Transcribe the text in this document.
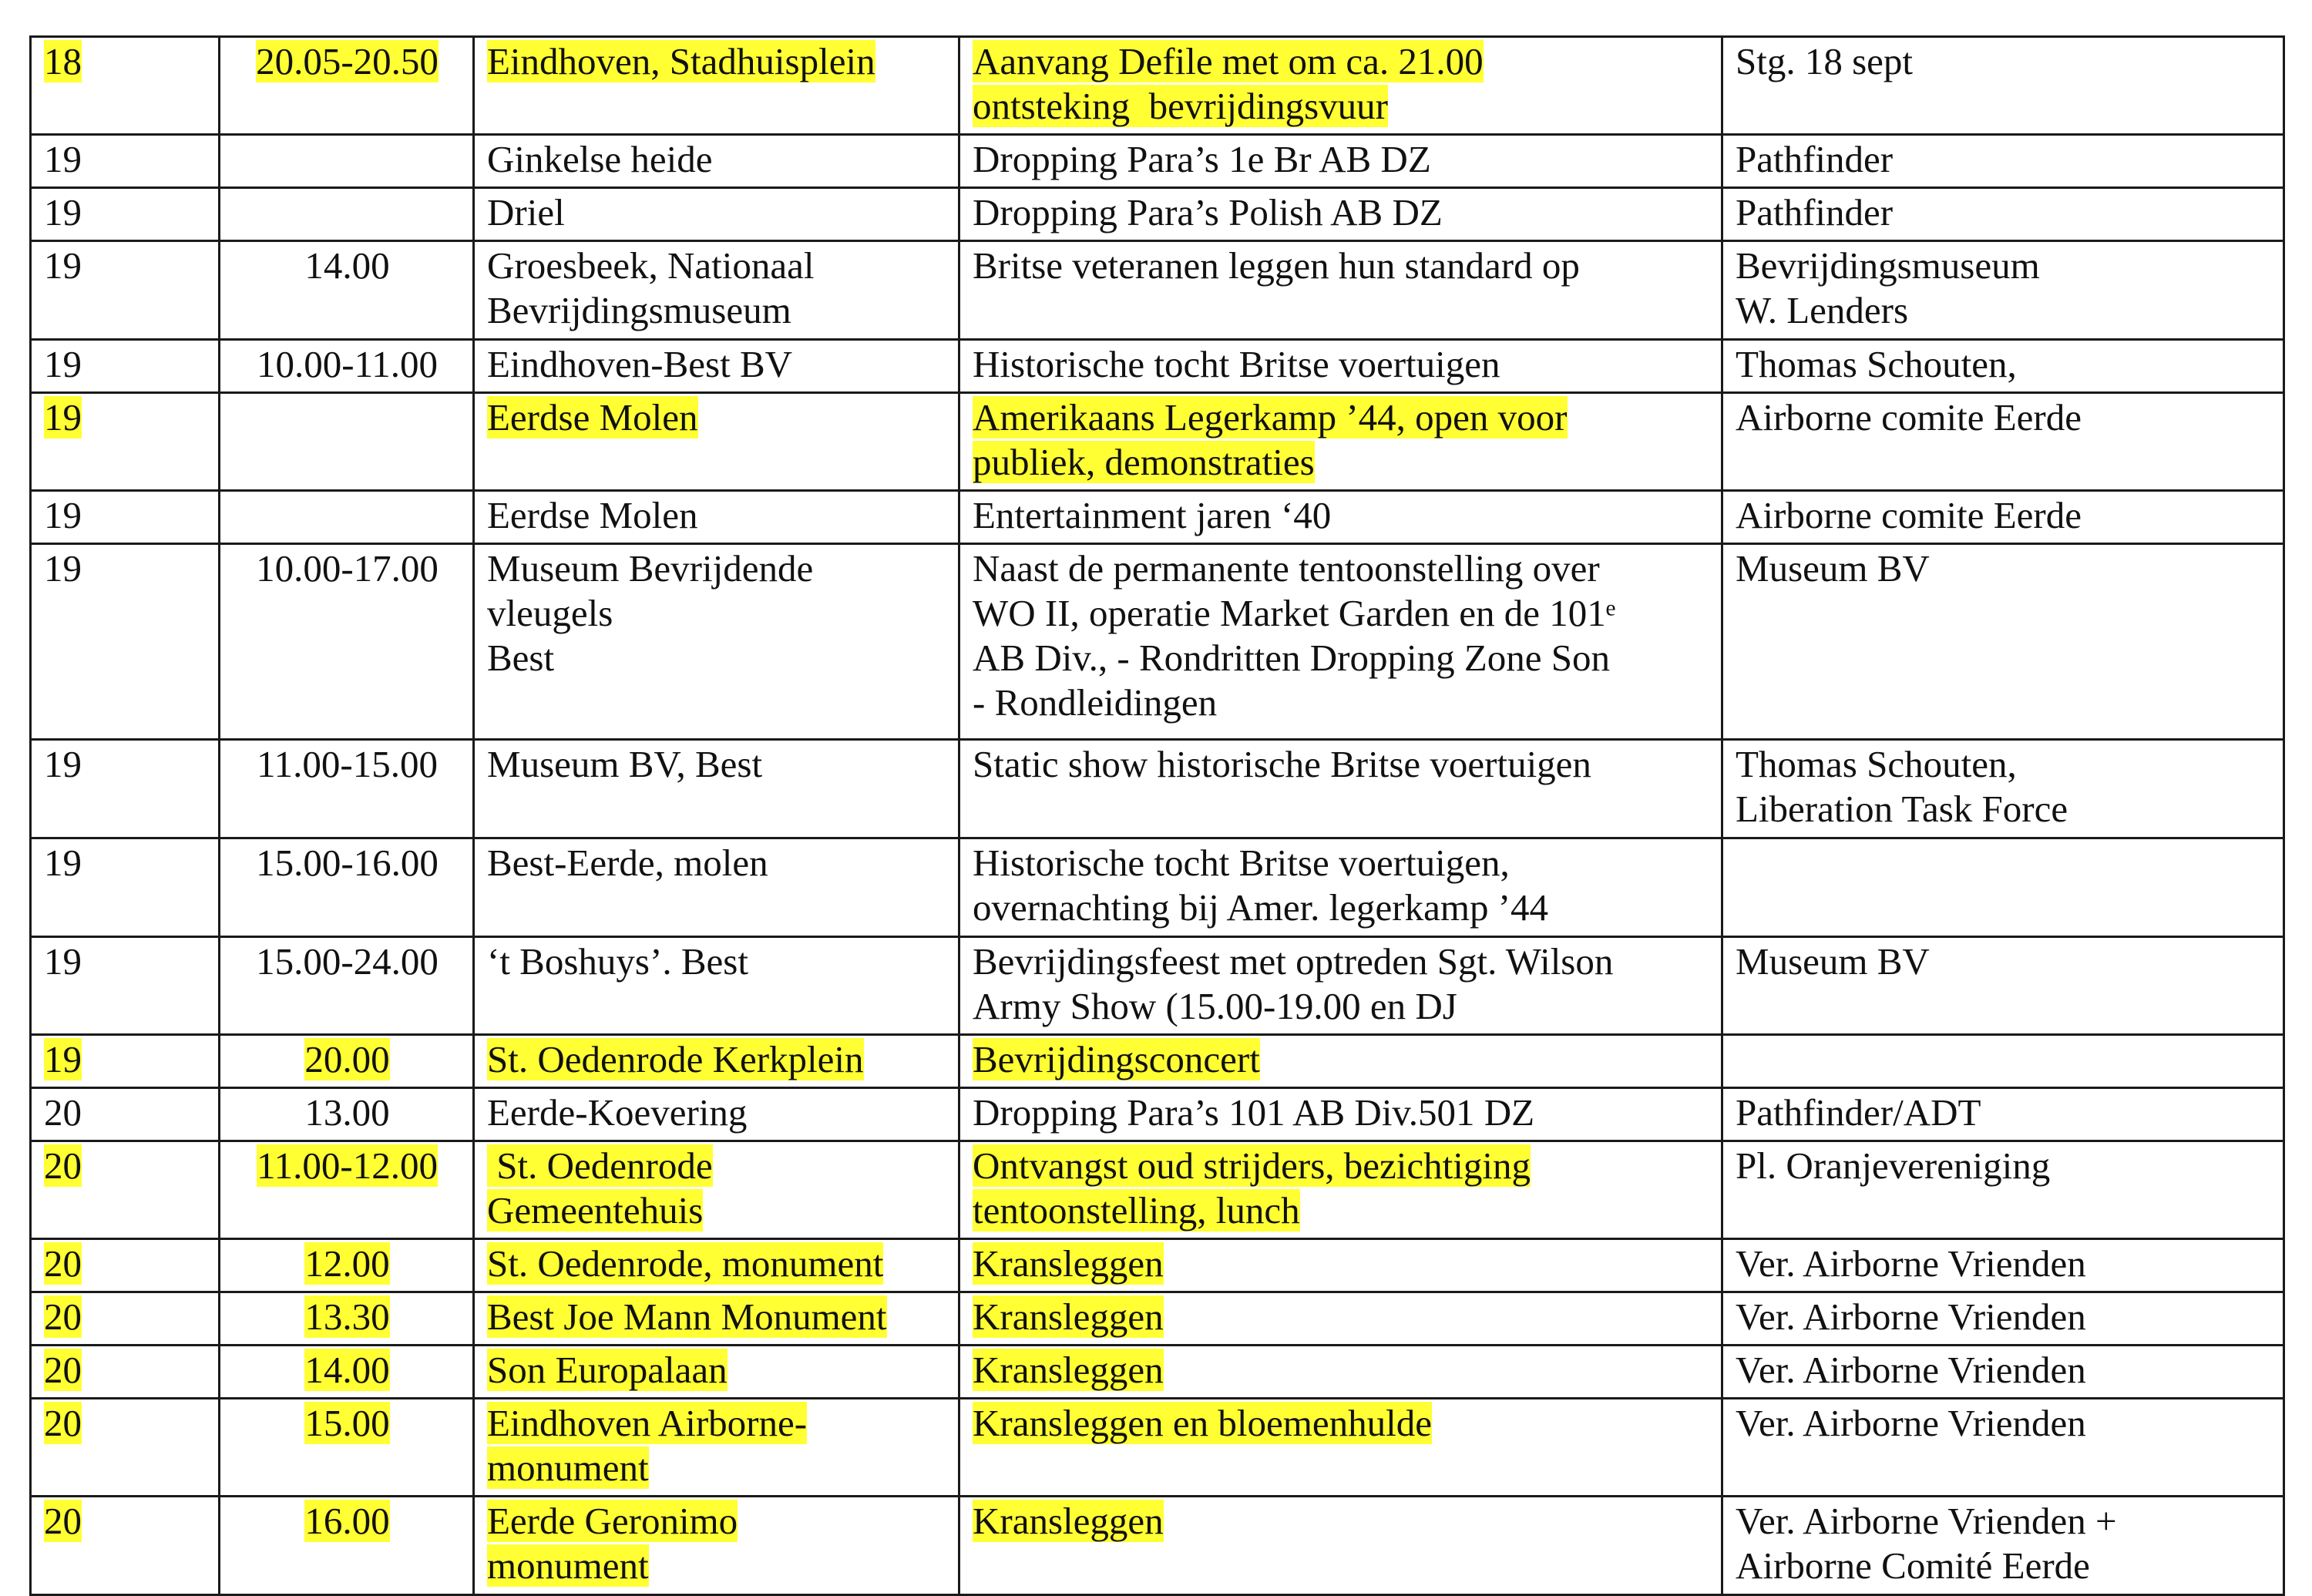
18	20.05-20.50	Eindhoven, Stadhuisplein	Aanvang Defile met om ca. 21.00
ontsteking  bevrijdingsvuur	Stg. 18 sept

19		Ginkelse heide	Dropping Para’s 1e Br AB DZ	Pathfinder

19		Driel	Dropping Para’s Polish AB DZ	Pathfinder

19	14.00	Groesbeek, Nationaal
Bevrijdingsmuseum	Britse veteranen leggen hun standard op	Bevrijdingsmuseum
W. Lenders

19	10.00-11.00	Eindhoven-Best BV	Historische tocht Britse voertuigen	Thomas Schouten,

19		Eerdse Molen	Amerikaans Legerkamp ’44, open voor
publiek, demonstraties	Airborne comite Eerde

19		Eerdse Molen	Entertainment jaren ‘40	Airborne comite Eerde

19	10.00-17.00	Museum Bevrijdende
vleugels
Best	Naast de permanente tentoonstelling over
WO II, operatie Market Garden en de 101ᵉ
AB Div., - Rondritten Dropping Zone Son
- Rondleidingen	Museum BV

19	11.00-15.00	Museum BV, Best	Static show historische Britse voertuigen	Thomas Schouten,
Liberation Task Force

19	15.00-16.00	Best-Eerde, molen	Historische tocht Britse voertuigen,
overnachting bij Amer. legerkamp ’44	

19	15.00-24.00	‘t Boshuys’. Best	Bevrijdingsfeest met optreden Sgt. Wilson
Army Show (15.00-19.00 en DJ	Museum BV

19	20.00	St. Oedenrode Kerkplein	Bevrijdingsconcert	

20	13.00	Eerde-Koevering	Dropping Para’s 101 AB Div.501 DZ	Pathfinder/ADT

20	11.00-12.00	St. Oedenrode
Gemeentehuis	Ontvangst oud strijders, bezichtiging
tentoonstelling, lunch	Pl. Oranjevereniging

20	12.00	St. Oedenrode, monument	Kransleggen	Ver. Airborne Vrienden

20	13.30	Best Joe Mann Monument	Kransleggen	Ver. Airborne Vrienden

20	14.00	Son Europalaan	Kransleggen	Ver. Airborne Vrienden

20	15.00	Eindhoven Airborne-
monument	Kransleggen en bloemenhulde	Ver. Airborne Vrienden

20	16.00	Eerde Geronimo
monument	Kransleggen	Ver. Airborne Vrienden +
Airborne Comité Eerde
